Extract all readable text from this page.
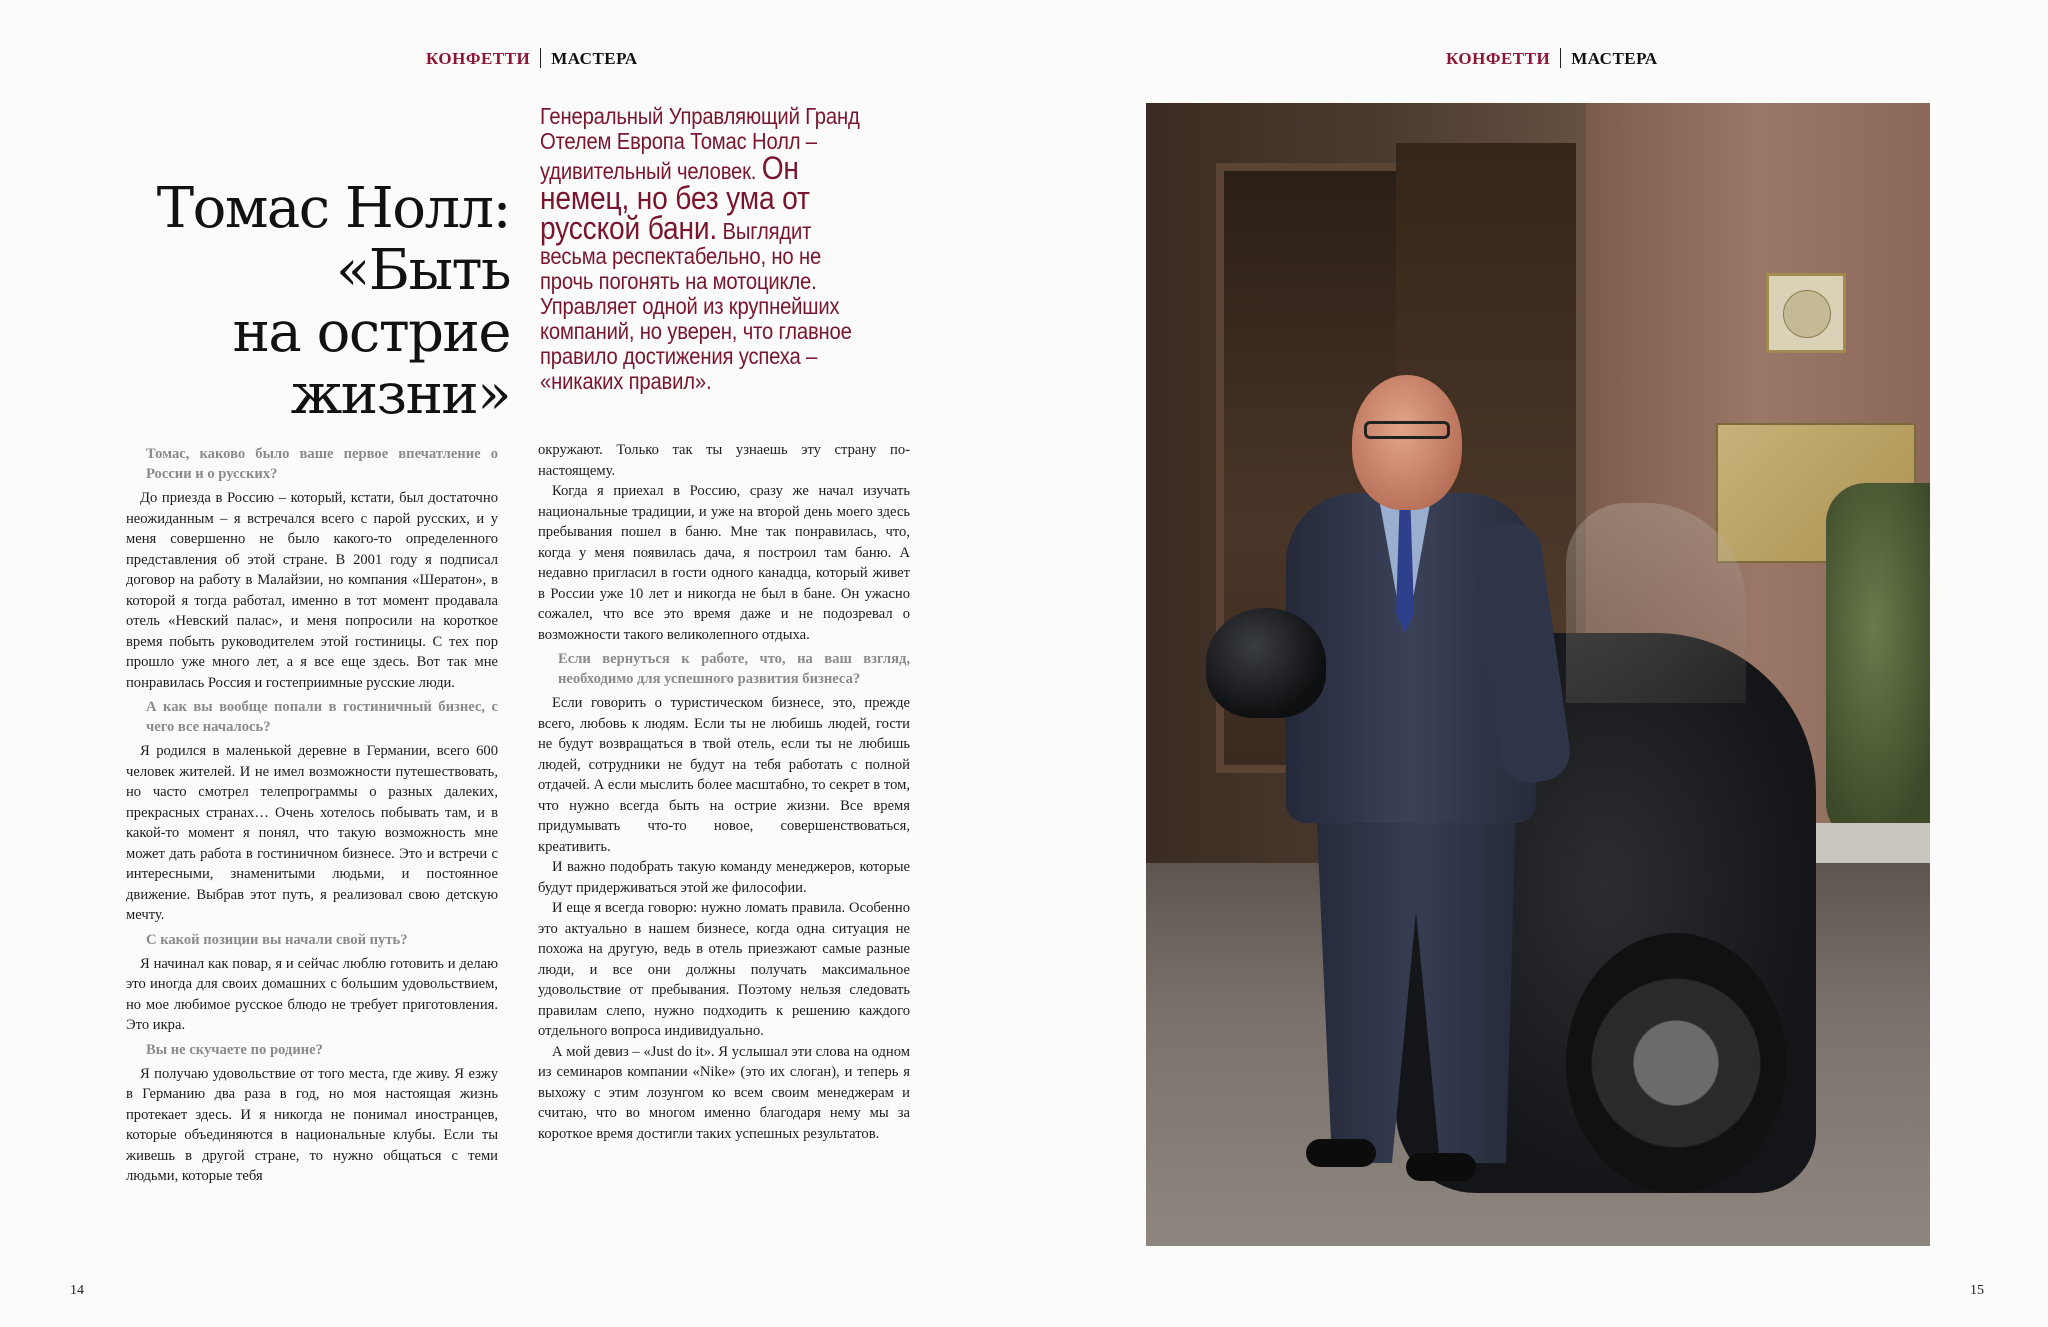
КОНФЕТТИ МАСТЕРА
Томас Нолл:
«Быть
на острие
жизни»
Генеральный Управляющий Гранд Отелем Европа Томас Нолл – удивительный человек. Он немец, но без ума от русской бани. Выглядит весьма респектабельно, но не прочь погонять на мотоцикле. Управляет одной из крупнейших компаний, но уверен, что главное правило достижения успеха – «никаких правил».

Томас, каково было ваше первое впечатление о России и о русских?

До приезда в Россию – который, кстати, был достаточно неожиданным – я встречался всего с парой русских, и у меня совершенно не было какого-то определенного представления об этой стране. В 2001 году я подписал договор на работу в Малайзии, но компания «Шератон», в которой я тогда работал, именно в тот момент продавала отель «Невский палас», и меня попросили на короткое время побыть руководителем этой гостиницы. С тех пор прошло уже много лет, а я все еще здесь. Вот так мне понравилась Россия и гостеприимные русские люди.

А как вы вообще попали в гостиничный бизнес, с чего все началось?

Я родился в маленькой деревне в Германии, всего 600 человек жителей. И не имел возможности путешествовать, но часто смотрел телепрограммы о разных далеких, прекрасных странах… Очень хотелось побывать там, и в какой-то момент я понял, что такую возможность мне может дать работа в гостиничном бизнесе. Это и встречи с интересными, знаменитыми людьми, и постоянное движение. Выбрав этот путь, я реализовал свою детскую мечту.

С какой позиции вы начали свой путь?

Я начинал как повар, я и сейчас люблю готовить и делаю это иногда для своих домашних с большим удовольствием, но мое любимое русское блюдо не требует приготовления. Это икра.

Вы не скучаете по родине?

Я получаю удовольствие от того места, где живу. Я езжу в Германию два раза в год, но моя настоящая жизнь протекает здесь. И я никогда не понимал иностранцев, которые объединяются в национальные клубы. Если ты живешь в другой стране, то нужно общаться с теми людьми, которые тебя

окружают. Только так ты узнаешь эту страну по-настоящему.

Когда я приехал в Россию, сразу же начал изучать национальные традиции, и уже на второй день моего здесь пребывания пошел в баню. Мне так понравилась, что, когда у меня появилась дача, я построил там баню. А недавно пригласил в гости одного канадца, который живет в России уже 10 лет и никогда не был в бане. Он ужасно сожалел, что все это время даже и не подозревал о возможности такого великолепного отдыха.

Если вернуться к работе, что, на ваш взгляд, необходимо для успешного развития бизнеса?

Если говорить о туристическом бизнесе, это, прежде всего, любовь к людям. Если ты не любишь людей, гости не будут возвращаться в твой отель, если ты не любишь людей, сотрудники не будут на тебя работать с полной отдачей. А если мыслить более масштабно, то секрет в том, что нужно всегда быть на острие жизни. Все время придумывать что-то новое, совершенствоваться, креативить.

И важно подобрать такую команду менеджеров, которые будут придерживаться этой же философии.

И еще я всегда говорю: нужно ломать правила. Особенно это актуально в нашем бизнесе, когда одна ситуация не похожа на другую, ведь в отель приезжают самые разные люди, и все они должны получать максимальное удовольствие от пребывания. Поэтому нельзя следовать правилам слепо, нужно подходить к решению каждого отдельного вопроса индивидуально.

А мой девиз – «Just do it». Я услышал эти слова на одном из семинаров компании «Nike» (это их слоган), и теперь я выхожу с этим лозунгом ко всем своим менеджерам и считаю, что во многом именно благодаря нему мы за короткое время достигли таких успешных результатов.

14
КОНФЕТТИ МАСТЕРА
15
